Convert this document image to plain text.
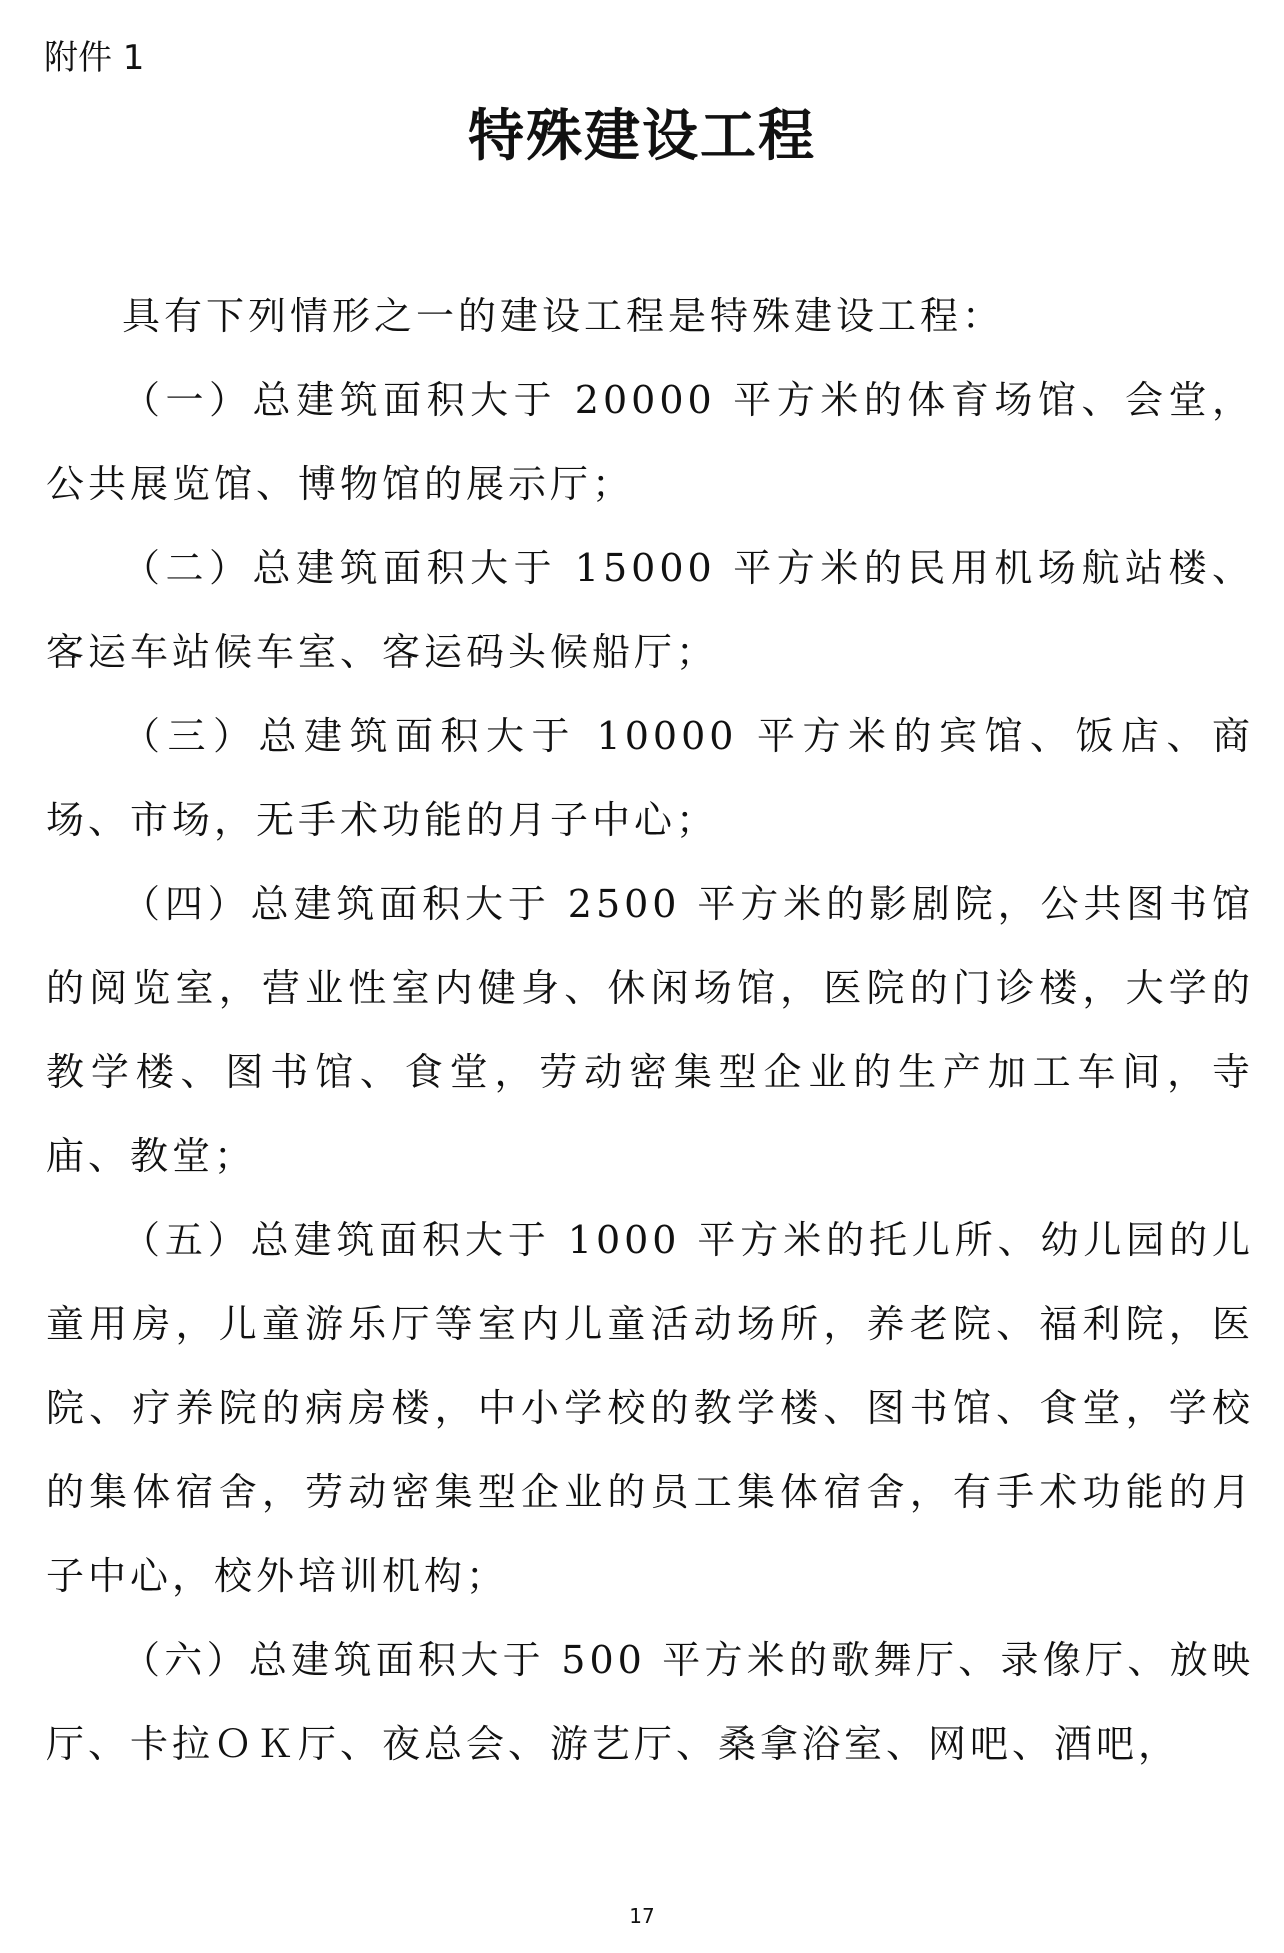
附件 1

特殊建设工程

具有下列情形之一的建设工程是特殊建设工程：

（一）总建筑面积大于 20000 平方米的体育场馆、会堂，公共展览馆、博物馆的展示厅；

（二）总建筑面积大于 15000 平方米的民用机场航站楼、客运车站候车室、客运码头候船厅；

（三）总建筑面积大于 10000 平方米的宾馆、饭店、商场、市场，无手术功能的月子中心；

（四）总建筑面积大于 2500 平方米的影剧院，公共图书馆的阅览室，营业性室内健身、休闲场馆，医院的门诊楼，大学的教学楼、图书馆、食堂，劳动密集型企业的生产加工车间，寺庙、教堂；

（五）总建筑面积大于 1000 平方米的托儿所、幼儿园的儿童用房，儿童游乐厅等室内儿童活动场所，养老院、福利院，医院、疗养院的病房楼，中小学校的教学楼、图书馆、食堂，学校的集体宿舍，劳动密集型企业的员工集体宿舍，有手术功能的月子中心，校外培训机构；

（六）总建筑面积大于 500 平方米的歌舞厅、录像厅、放映厅、卡拉ＯＫ厅、夜总会、游艺厅、桑拿浴室、网吧、酒吧，

17
